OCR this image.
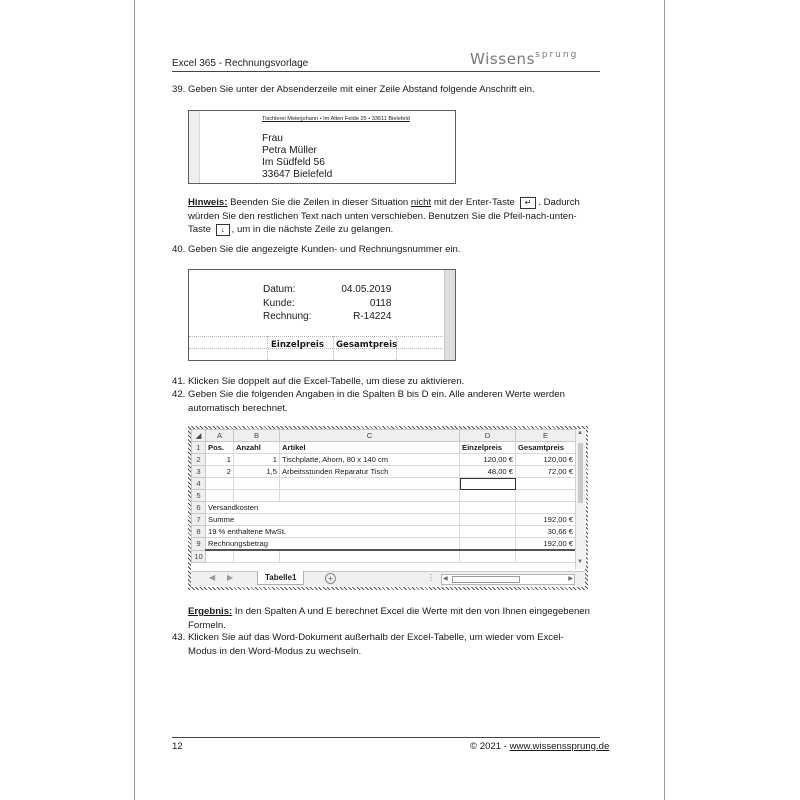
Excel 365 - Rechnungsvorlage	Wissens$^{sprung}$
39. Geben Sie unter der Absenderzeile mit einer Zeile Abstand folgende Anschrift ein.
Tischlerei Meierjohann • Im Alten Felde 25 • 33611 Bielefeld
Frau
Petra Müller
Im Südfeld 56
33647 Bielefeld
Hinweis: Beenden Sie die Zeilen in dieser Situation nicht mit der Enter-Taste ↵ . Dadurch
würden Sie den restlichen Text nach unten verschieben. Benutzen Sie die Pfeil-nach-unten-
Taste ↓ , um in die nächste Zeile zu gelangen.
40. Geben Sie die angezeigte Kunden- und Rechnungsnummer ein.
Datum:	04.05.2019
Kunde:	0118
Rechnung:	R-14224
Einzelpreis Gesamtpreis
41. Klicken Sie doppelt auf die Excel-Tabelle, um diese zu aktivieren.
42. Geben Sie die folgenden Angaben in die Spalten B bis D ein. Alle anderen Werte werden
automatisch berechnet.
◢	A	B	C	D	E
1	Pos.	Anzahl	Artikel	Einzelpreis	Gesamtpreis
2	1	1	Tischplatte, Ahorn, 80 x 140 cm	120,00 €	120,00 €
3	2	1,5	Arbeitsstunden Reparatur Tisch	48,00 €	72,00 €
4					
5					
6	Versandkosten				
7	Summe				192,00 €
8	19 % enthaltene MwSt.				30,66 €
9	Rechnungsbetrag				192,00 €
10					
▲
▼
◀ ▶	Tabelle1	+	⋮ ◀	▶
Ergebnis: In den Spalten A und E berechnet Excel die Werte mit den von Ihnen eingegebenen
Formeln.
43. Klicken Sie auf das Word-Dokument außerhalb der Excel-Tabelle, um wieder vom Excel-
Modus in den Word-Modus zu wechseln.
12	© 2021 - www.wissenssprung.de
